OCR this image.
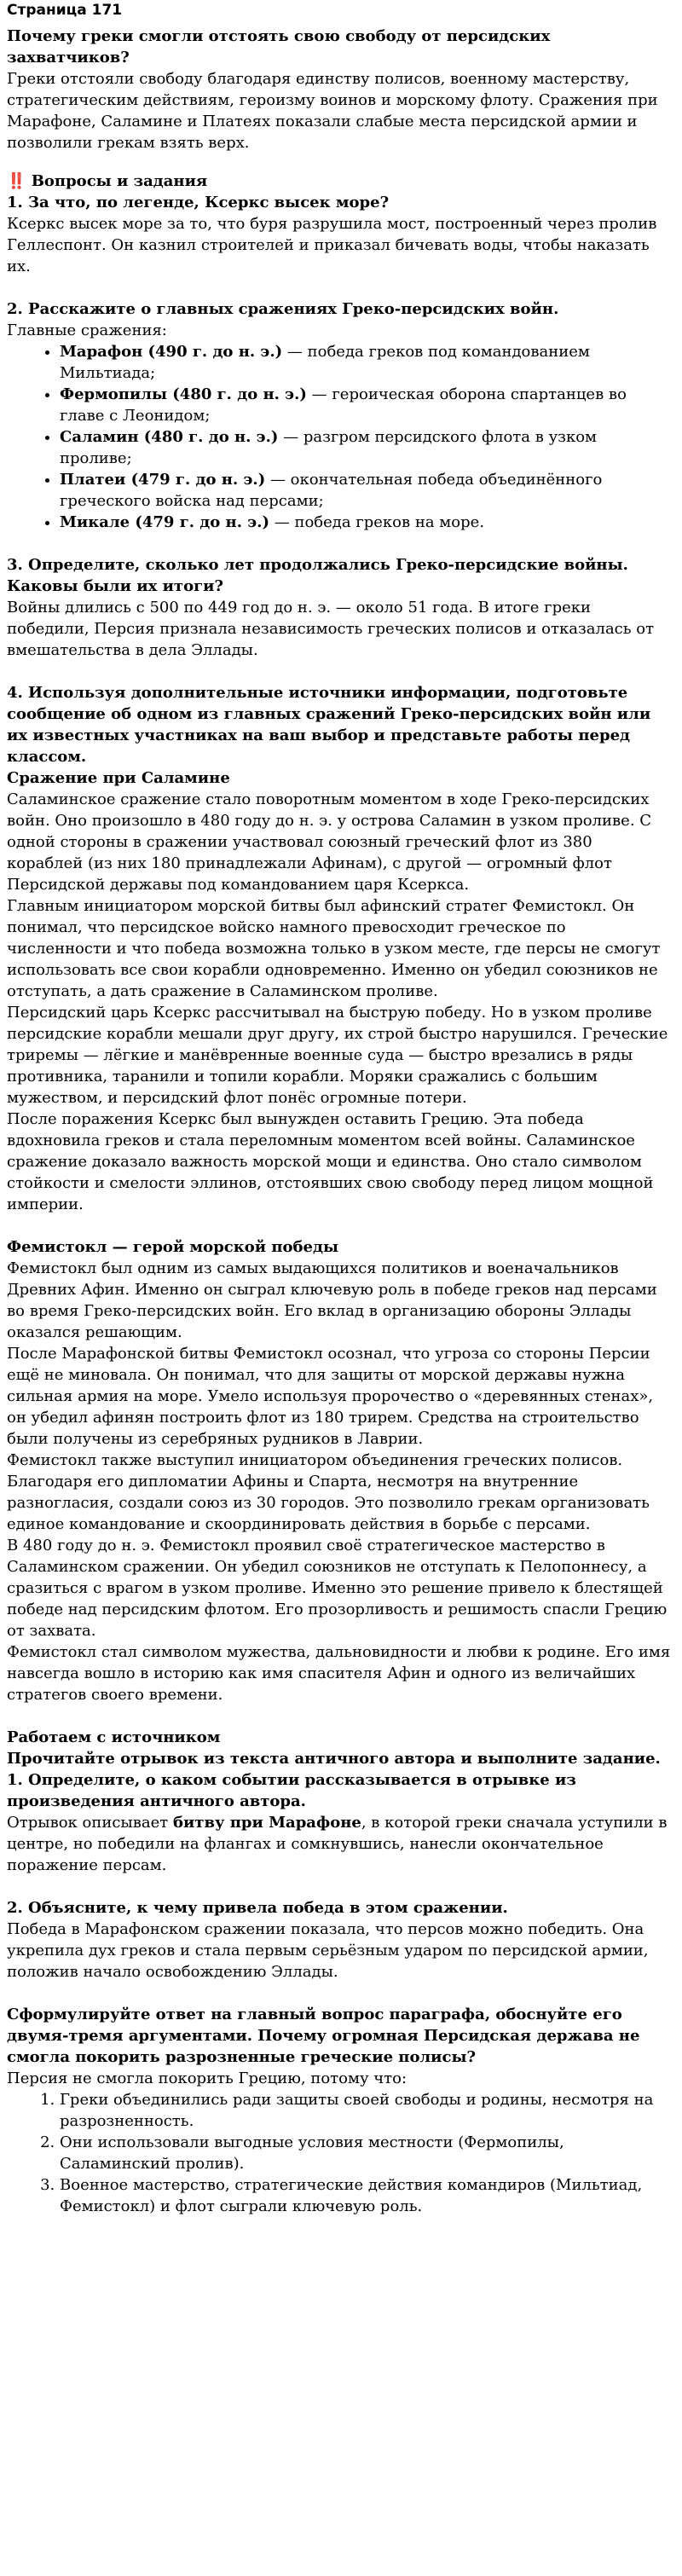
Страница 171

Почему греки смогли отстоять свою свободу от персидских захватчиков?

Греки отстояли свободу благодаря единству полисов, военному мастерству, стратегическим действиям, героизму воинов и морскому флоту. Сражения при Марафоне, Саламине и Платеях показали слабые места персидской армии и позволили грекам взять верх.

‼️ Вопросы и задания

1. За что, по легенде, Ксеркс высек море?

Ксеркс высек море за то, что буря разрушила мост, построенный через пролив Геллеспонт. Он казнил строителей и приказал бичевать воды, чтобы наказать их.

2. Расскажите о главных сражениях Греко-персидских войн.

Главные сражения:

• Марафон (490 г. до н. э.) — победа греков под командованием Мильтиада;
• Фермопилы (480 г. до н. э.) — героическая оборона спартанцев во главе с Леонидом;
• Саламин (480 г. до н. э.) — разгром персидского флота в узком проливе;
• Платеи (479 г. до н. э.) — окончательная победа объединённого греческого войска над персами;
• Микале (479 г. до н. э.) — победа греков на море.

3. Определите, сколько лет продолжались Греко-персидские войны. Каковы были их итоги?

Войны длились с 500 по 449 год до н. э. — около 51 года. В итоге греки победили, Персия признала независимость греческих полисов и отказалась от вмешательства в дела Эллады.

4. Используя дополнительные источники информации, подготовьте сообщение об одном из главных сражений Греко-персидских войн или их известных участниках на ваш выбор и представьте работы перед классом.

Сражение при Саламине

Саламинское сражение стало поворотным моментом в ходе Греко-персидских войн. Оно произошло в 480 году до н. э. у острова Саламин в узком проливе. С одной стороны в сражении участвовал союзный греческий флот из 380 кораблей (из них 180 принадлежали Афинам), с другой — огромный флот Персидской державы под командованием царя Ксеркса.

Главным инициатором морской битвы был афинский стратег Фемистокл. Он понимал, что персидское войско намного превосходит греческое по численности и что победа возможна только в узком месте, где персы не смогут использовать все свои корабли одновременно. Именно он убедил союзников не отступать, а дать сражение в Саламинском проливе.

Персидский царь Ксеркс рассчитывал на быструю победу. Но в узком проливе персидские корабли мешали друг другу, их строй быстро нарушился. Греческие триремы — лёгкие и манёвренные военные суда — быстро врезались в ряды противника, таранили и топили корабли. Моряки сражались с большим мужеством, и персидский флот понёс огромные потери.

После поражения Ксеркс был вынужден оставить Грецию. Эта победа вдохновила греков и стала переломным моментом всей войны. Саламинское сражение доказало важность морской мощи и единства. Оно стало символом стойкости и смелости эллинов, отстоявших свою свободу перед лицом мощной империи.

Фемистокл — герой морской победы

Фемистокл был одним из самых выдающихся политиков и военачальников Древних Афин. Именно он сыграл ключевую роль в победе греков над персами во время Греко-персидских войн. Его вклад в организацию обороны Эллады оказался решающим.

После Марафонской битвы Фемистокл осознал, что угроза со стороны Персии ещё не миновала. Он понимал, что для защиты от морской державы нужна сильная армия на море. Умело используя пророчество о «деревянных стенах», он убедил афинян построить флот из 180 трирем. Средства на строительство были получены из серебряных рудников в Лаврии.

Фемистокл также выступил инициатором объединения греческих полисов. Благодаря его дипломатии Афины и Спарта, несмотря на внутренние разногласия, создали союз из 30 городов. Это позволило грекам организовать единое командование и скоординировать действия в борьбе с персами.

В 480 году до н. э. Фемистокл проявил своё стратегическое мастерство в Саламинском сражении. Он убедил союзников не отступать к Пелопоннесу, а сразиться с врагом в узком проливе. Именно это решение привело к блестящей победе над персидским флотом. Его прозорливость и решимость спасли Грецию от захвата.

Фемистокл стал символом мужества, дальновидности и любви к родине. Его имя навсегда вошло в историю как имя спасителя Афин и одного из величайших стратегов своего времени.

Работаем с источником

Прочитайте отрывок из текста античного автора и выполните задание.

1. Определите, о каком событии рассказывается в отрывке из произведения античного автора.

Отрывок описывает битву при Марафоне, в которой греки сначала уступили в центре, но победили на флангах и сомкнувшись, нанесли окончательное поражение персам.

2. Объясните, к чему привела победа в этом сражении.

Победа в Марафонском сражении показала, что персов можно победить. Она укрепила дух греков и стала первым серьёзным ударом по персидской армии, положив начало освобождению Эллады.

Сформулируйте ответ на главный вопрос параграфа, обоснуйте его двумя-тремя аргументами. Почему огромная Персидская держава не смогла покорить разрозненные греческие полисы?

Персия не смогла покорить Грецию, потому что:

1. Греки объединились ради защиты своей свободы и родины, несмотря на разрозненность.
2. Они использовали выгодные условия местности (Фермопилы, Саламинский пролив).
3. Военное мастерство, стратегические действия командиров (Мильтиад, Фемистокл) и флот сыграли ключевую роль.
